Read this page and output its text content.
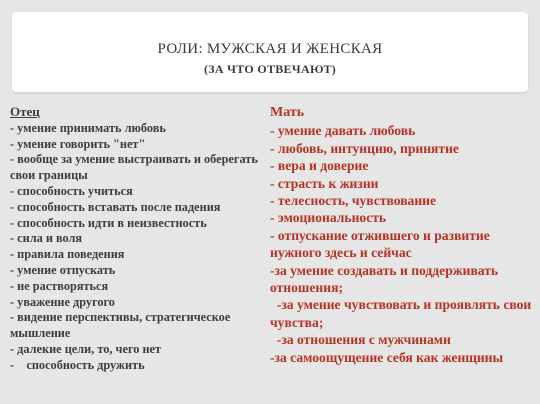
РОЛИ: МУЖСКАЯ И ЖЕНСКАЯ
(ЗА ЧТО ОТВЕЧАЮТ)
Отец
- умение принимать любовь
- умение говорить "нет"
- вообще за умение выстраивать и оберегать свои границы
- способность учиться
- способность вставать после падения
- способность идти в неизвестность
- сила и воля
- правила поведения
- умение отпускать
- не растворяться
- уважение другого
- видение перспективы, стратегическое мышление
- далекие цели, то, чего нет
-    способность дружить
Мать
- умение давать любовь
- любовь, интуицию, принятие
- вера и доверие
- страсть к жизни
- телесность, чувствование
- эмоциональность
- отпускание отжившего и развитие нужного здесь и сейчас
-за умение создавать и поддерживать отношения;
-за умение чувствовать и проявлять свои чувства;
-за отношения с мужчинами
-за самоощущение себя как женщины
